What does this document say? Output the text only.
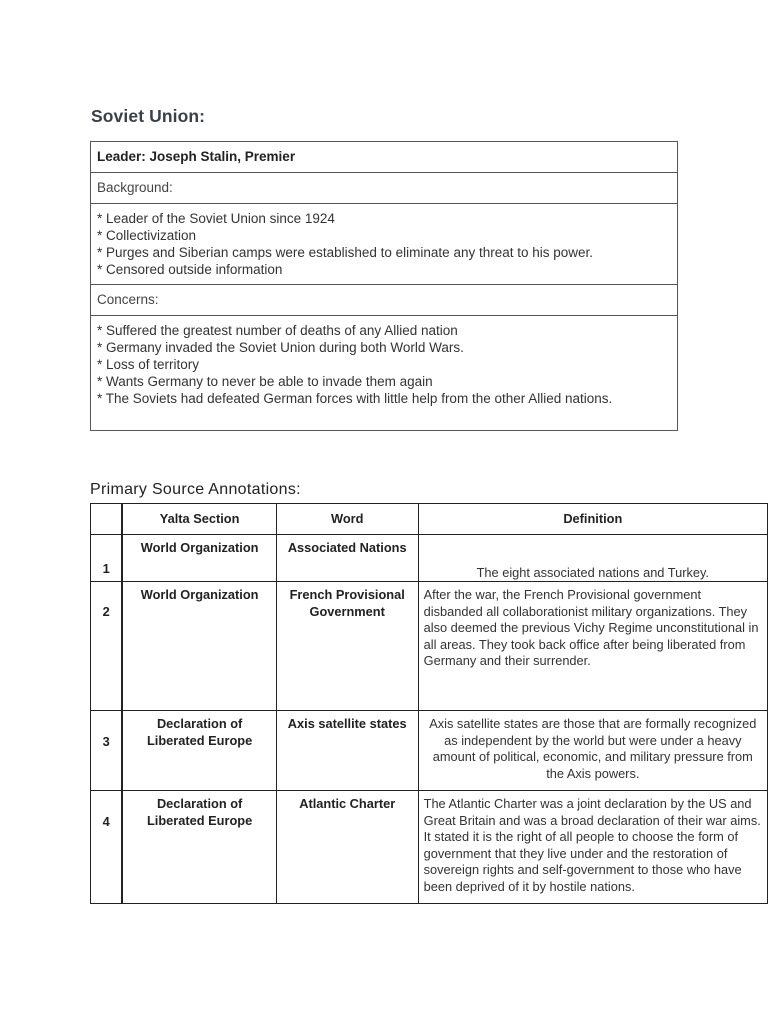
Soviet Union:
Leader: Joseph Stalin, Premier
Background:

* Leader of the Soviet Union since 1924
* Collectivization
* Purges and Siberian camps were established to eliminate any threat to his power.
* Censored outside information

Concerns:

* Suffered the greatest number of deaths of any Allied nation
* Germany invaded the Soviet Union during both World Wars.
* Loss of territory
* Wants Germany to never be able to invade them again
* The Soviets had defeated German forces with little help from the other Allied nations.
Primary Source Annotations:
	Yalta Section	Word	Definition
1	World Organization	Associated Nations	The eight associated nations and Turkey.
2	World Organization	French Provisional Government	After the war, the French Provisional government disbanded all collaborationist military organizations. They also deemed the previous Vichy Regime unconstitutional in all areas. They took back office after being liberated from Germany and their surrender.
3	Declaration of Liberated Europe	Axis satellite states	Axis satellite states are those that are formally recognized as independent by the world but were under a heavy amount of political, economic, and military pressure from the Axis powers.
4	Declaration of Liberated Europe	Atlantic Charter	The Atlantic Charter was a joint declaration by the US and Great Britain and was a broad declaration of their war aims. It stated it is the right of all people to choose the form of government that they live under and the restoration of sovereign rights and self-government to those who have been deprived of it by hostile nations.
